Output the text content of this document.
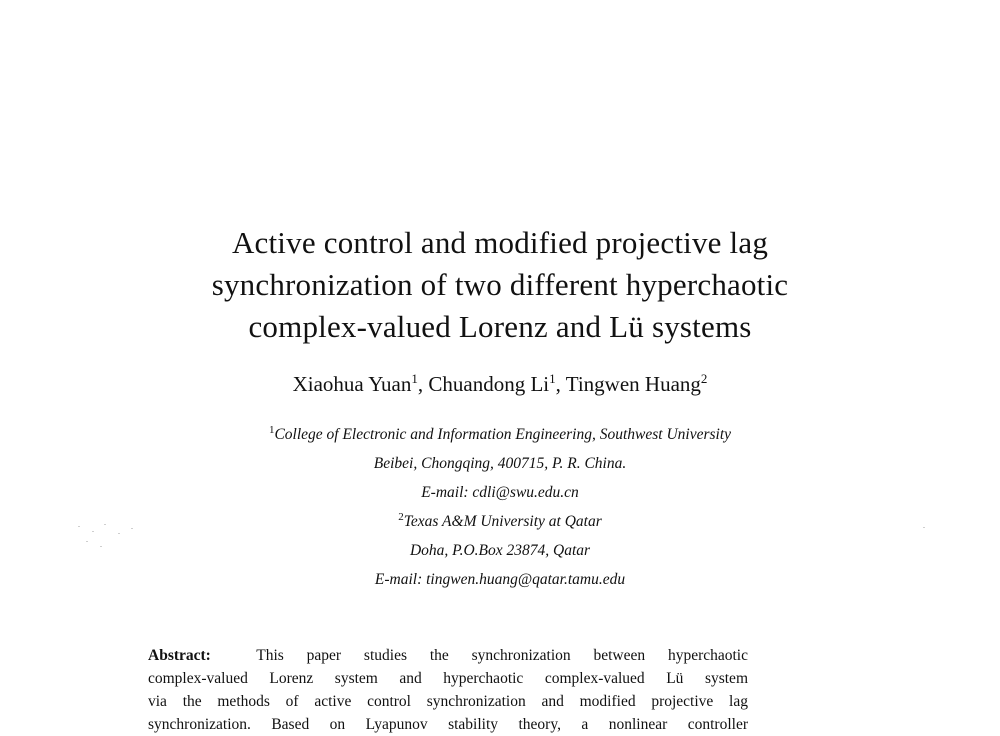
Active control and modified projective lag
synchronization of two different hyperchaotic
complex-valued Lorenz and Lü systems
Xiaohua Yuan$^1$, Chuandong Li$^1$, Tingwen Huang$^2$
$^1$College of Electronic and Information Engineering, Southwest University
Beibei, Chongqing, 400715, P. R. China.
E-mail: cdli@swu.edu.cn
$^2$Texas A&M University at Qatar
Doha, P.O.Box 23874, Qatar
E-mail: tingwen.huang@qatar.tamu.edu
Abstract:	This paper studies the synchronization between hyperchaotic
complex-valued Lorenz system and hyperchaotic complex-valued Lü system
via the methods of active control synchronization and modified projective lag
synchronization. Based on Lyapunov stability theory, a nonlinear controller
